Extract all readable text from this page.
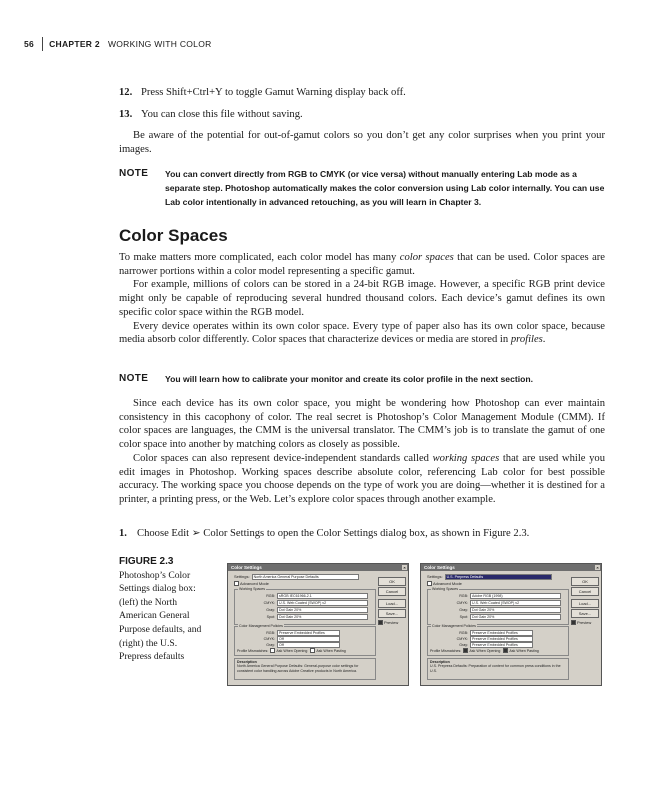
56 CHAPTER 2 WORKING WITH COLOR
12. Press Shift+Ctrl+Y to toggle Gamut Warning display back off.
13. You can close this file without saving.

Be aware of the potential for out-of-gamut colors so you don’t get any color surprises when you print your images.

NOTE	You can convert directly from RGB to CMYK (or vice versa) without manually entering Lab mode as a separate step. Photoshop automatically makes the color conversion using Lab color internally. You can use Lab color intentionally in advanced retouching, as you will learn in Chapter 3.
Color Spaces

To make matters more complicated, each color model has many color spaces that can be used. Color spaces are narrower portions within a color model representing a specific gamut.

For example, millions of colors can be stored in a 24-bit RGB image. However, a specific RGB print device might only be capable of reproducing several hundred thousand colors. Each device’s gamut defines its own specific color space within the RGB model.

Every device operates within its own color space. Every type of paper also has its own color space, because media absorb color differently. Color spaces that characterize devices or media are stored in profiles.

NOTE	You will learn how to calibrate your monitor and create its color profile in the next section.

Since each device has its own color space, you might be wondering how Photoshop can ever maintain consistency in this cacophony of color. The real secret is Photoshop’s Color Management Module (CMM). If color spaces are languages, the CMM is the universal translator. The CMM’s job is to translate the gamut of one color space into another by matching colors as closely as possible.

Color spaces can also represent device-independent standards called working spaces that are used while you edit images in Photoshop. Working spaces describe absolute color, referencing Lab color for best possible accuracy. The working space you choose depends on the type of work you are doing—whether it is destined for a printer, a printing press, or the Web. Let’s explore color spaces through another example.

1. Choose Edit ➢ Color Settings to open the Color Settings dialog box, as shown in Figure 2.3.
FIGURE 2.3
Photoshop’s Color Settings dialog box: (left) the North American General Purpose defaults, and (right) the U.S. Prepress defaults
Color Settings	×
Settings:	North America General Purpose Defaults
Advanced Mode
Working Spaces
RGB:	sRGB IEC61966-2.1
CMYK:	U.S. Web Coated (SWOP) v2
Gray:	Dot Gain 20%
Spot:	Dot Gain 20%
Color Management Policies
RGB:	Preserve Embedded Profiles
CMYK:	Off
Gray:	Off
Profile Mismatches: Ask When Opening	Ask When Pasting
Description
North America General Purpose Defaults: General-purpose color settings for consistent color handling across Adobe Creative products in North America.
OK
Cancel
Load...
Save...
Preview
Color Settings	×
Settings:	U.S. Prepress Defaults
Advanced Mode
Working Spaces
RGB:	Adobe RGB (1998)
CMYK:	U.S. Web Coated (SWOP) v2
Gray:	Dot Gain 20%
Spot:	Dot Gain 20%
Color Management Policies
RGB:	Preserve Embedded Profiles
CMYK:	Preserve Embedded Profiles
Gray:	Preserve Embedded Profiles
Profile Mismatches: Ask When Opening	Ask When Pasting
Description
U.S. Prepress Defaults: Preparation of content for common press conditions in the U.S.
OK
Cancel
Load...
Save...
Preview
